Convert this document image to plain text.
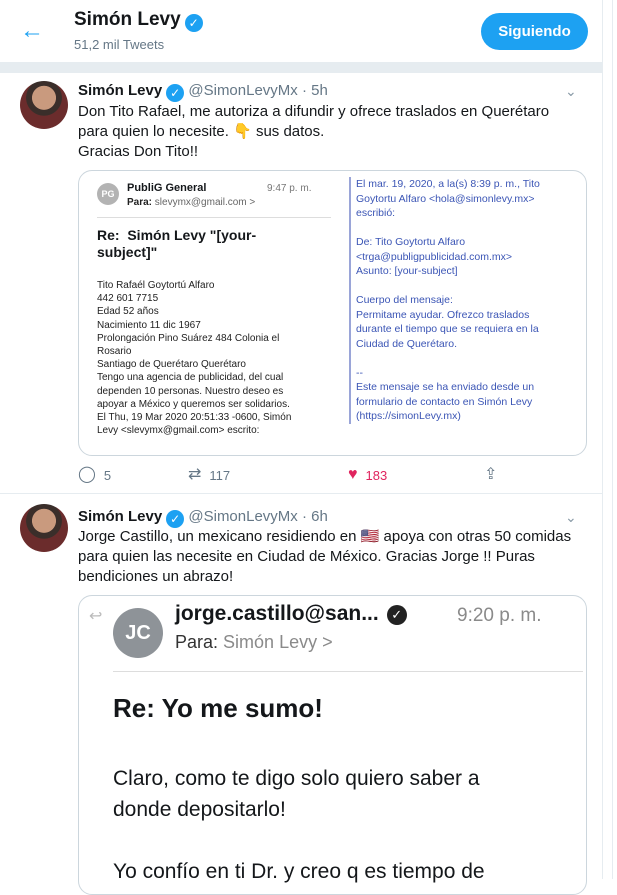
←	Simón Levy ✓
51,2 mil Tweets
Siguiendo
Simón Levy ✓ @SimonLevyMx · 5h	⌄
Don Tito Rafael, me autoriza a difundir y ofrece traslados en Querétaro
para quien lo necesite. 👇 sus datos.
Gracias Don Tito!!
PG	PubliG General	9:47 p. m.
Para: slevymx@gmail.com >
Re:  Simón Levy "[your-
subject]"
Tito Rafaél Goytortú Alfaro
442 601 7715
Edad 52 años
Nacimiento 11 dic 1967
Prolongación Pino Suárez 484 Colonia el
Rosario
Santiago de Querétaro Querétaro
Tengo una agencia de publicidad, del cual
dependen 10 personas. Nuestro deseo es
apoyar a México y queremos ser solidarios.
El Thu, 19 Mar 2020 20:51:33 -0600, Simón
Levy <slevymx@gmail.com> escrito:
El mar. 19, 2020, a la(s) 8:39 p. m., Tito
Goytortu Alfaro <hola@simonlevy.mx>
escribió:

De: Tito Goytortu Alfaro
<trga@publigpublicidad.com.mx>
Asunto: [your-subject]

Cuerpo del mensaje:
Permitame ayudar. Ofrezco traslados
durante el tiempo que se requiera en la
Ciudad de Querétaro.

--
Este mensaje se ha enviado desde un
formulario de contacto en Simón Levy
(https://simonLevy.mx)
◯ 5	⇄ 117	♥ 183	⇪
Simón Levy ✓ @SimonLevyMx · 6h	⌄
Jorge Castillo, un mexicano residiendo en 🇺🇸 apoya con otras 50 comidas
para quien las necesite en Ciudad de México. Gracias Jorge !! Puras
bendiciones un abrazo!
↩
JC
jorge.castillo@san... ✓	9:20 p. m.
Para: Simón Levy >
Re: Yo me sumo!
Claro, como te digo solo quiero saber a
donde depositarlo!

Yo confío en ti Dr. y creo q es tiempo de
